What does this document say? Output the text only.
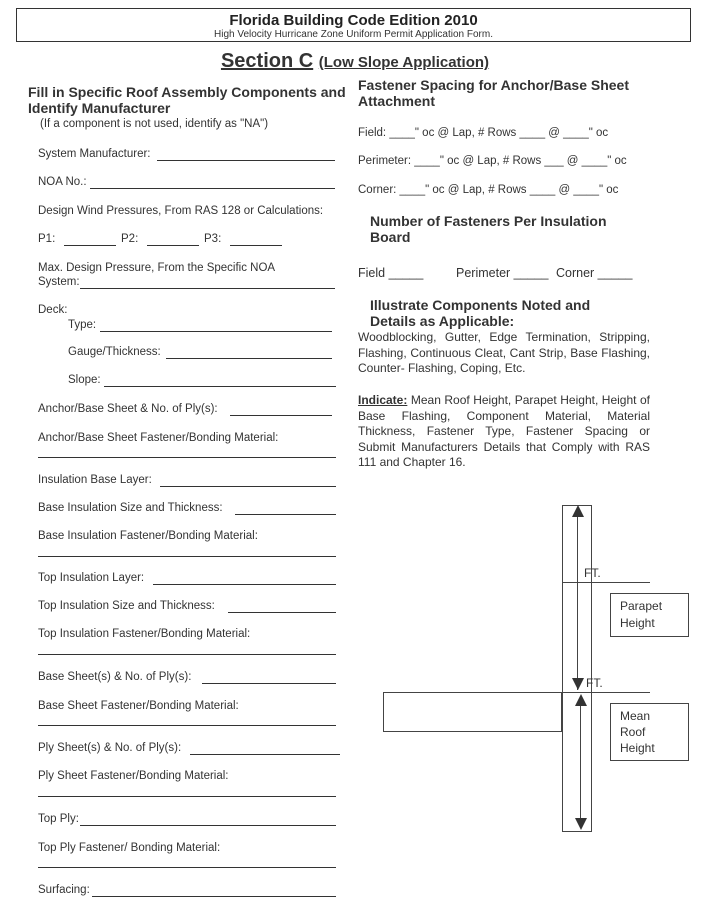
Florida Building Code Edition 2010
High Velocity Hurricane Zone Uniform Permit Application Form.
Section C (Low Slope Application)
Fill in Specific Roof Assembly Components and Identify Manufacturer
(If a component is not used, identify as "NA")
System Manufacturer:
NOA No.:
Design Wind Pressures, From RAS 128 or Calculations:
P1:	P2:	P3:
Max. Design Pressure, From the Specific NOA
System:
Deck:
Type:
Gauge/Thickness:
Slope:
Anchor/Base Sheet & No. of Ply(s):
Anchor/Base Sheet Fastener/Bonding Material:
Insulation Base Layer:
Base Insulation Size and Thickness:
Base Insulation Fastener/Bonding Material:
Top Insulation Layer:
Top Insulation Size and Thickness:
Top Insulation Fastener/Bonding Material:
Base Sheet(s) & No. of Ply(s):
Base Sheet Fastener/Bonding Material:
Ply Sheet(s) & No. of Ply(s):
Ply Sheet Fastener/Bonding Material:
Top Ply:
Top Ply Fastener/ Bonding Material:
Surfacing:
Fastener Spacing for Anchor/Base Sheet Attachment
Field: ____" oc @ Lap, # Rows ____ @ ____" oc
Perimeter: ____" oc @ Lap, # Rows ___ @ ____" oc
Corner: ____" oc @ Lap, # Rows ____ @ ____" oc
Number of Fasteners Per Insulation Board
Field _____	Perimeter _____ Corner _____
Illustrate Components Noted and Details as Applicable:
Woodblocking, Gutter, Edge Termination, Stripping, Flashing, Continuous Cleat, Cant Strip, Base Flashing, Counter- Flashing, Coping, Etc.
Indicate: Mean Roof Height, Parapet Height, Height of Base Flashing, Component Material, Material Thickness, Fastener Type, Fastener Spacing or Submit Manufacturers Details that Comply with RAS 111 and Chapter 16.
FT.
FT.
Parapet
Height
Mean
Roof
Height
